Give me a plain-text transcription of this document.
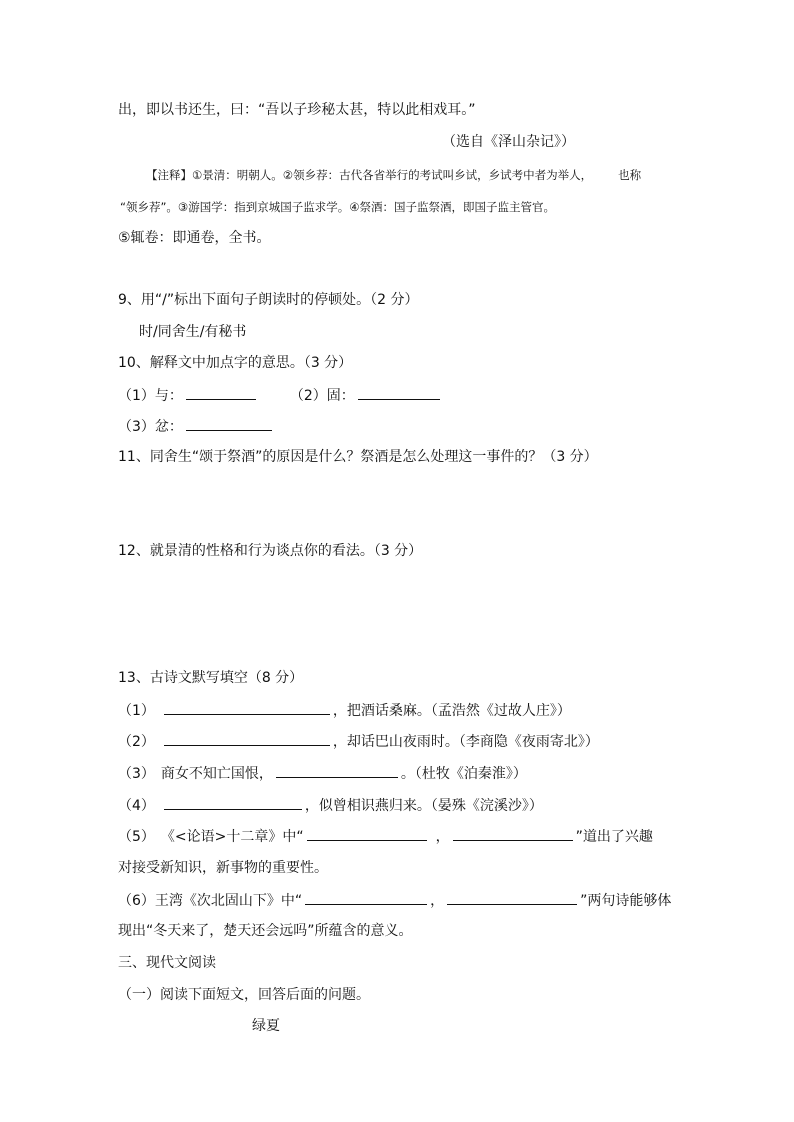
出，即以书还生，曰：“吾以子珍秘太甚，特以此相戏耳。”
（选自《泽山杂记》）
【注释】①景清：明朝人。②领乡荐：古代各省举行的考试叫乡试，乡试考中者为举人， 也称
“领乡荐”。③游国学：指到京城国子监求学。④祭酒：国子监祭酒，即国子监主管官。
⑤辄卷：即通卷，全书。
9、用“/”标出下面句子朗读时的停顿处。（2 分）
时/同舍生/有秘书
10、解释文中加点字的意思。（3 分）
（1）与：	（2）固：
（3）忿：
11、同舍生“颂于祭酒”的原因是什么？祭酒是怎么处理这一事件的？（3 分）
12、就景清的性格和行为谈点你的看法。（3 分）
13、古诗文默写填空（8 分）
（1）	，把酒话桑麻。（孟浩然《过故人庄》）
（2）	，却话巴山夜雨时。（李商隐《夜雨寄北》）
（3） 商女不知亡国恨，	。（杜牧《泊秦淮》）
（4）	，似曾相识燕归来。（晏殊《浣溪沙》）
（5） 《<论语>十二章》中“	，	”道出了兴趣
对接受新知识，新事物的重要性。
（6）王湾《次北固山下》中“	，	”两句诗能够体
现出“冬天来了，楚天还会远吗”所蕴含的意义。
三、现代文阅读
（一）阅读下面短文，回答后面的问题。
绿夏
